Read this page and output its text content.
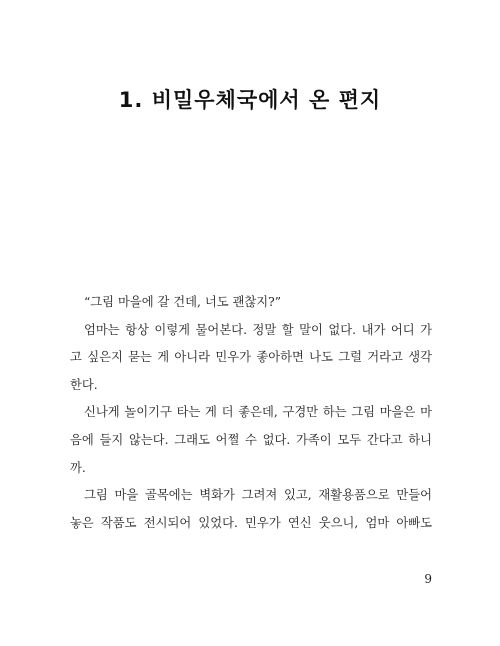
1. 비밀우체국에서 온 편지
“그림 마을에 갈 건데, 너도 괜찮지?”
엄마는 항상 이렇게 물어본다. 정말 할 말이 없다. 내가 어디 가
고 싶은지 묻는 게 아니라 민우가 좋아하면 나도 그럴 거라고 생각
한다.
신나게 놀이기구 타는 게 더 좋은데, 구경만 하는 그림 마을은 마
음에 들지 않는다. 그래도 어쩔 수 없다. 가족이 모두 간다고 하니
까.
그림 마을 골목에는 벽화가 그려져 있고, 재활용품으로 만들어
놓은 작품도 전시되어 있었다. 민우가 연신 웃으니, 엄마 아빠도
9
